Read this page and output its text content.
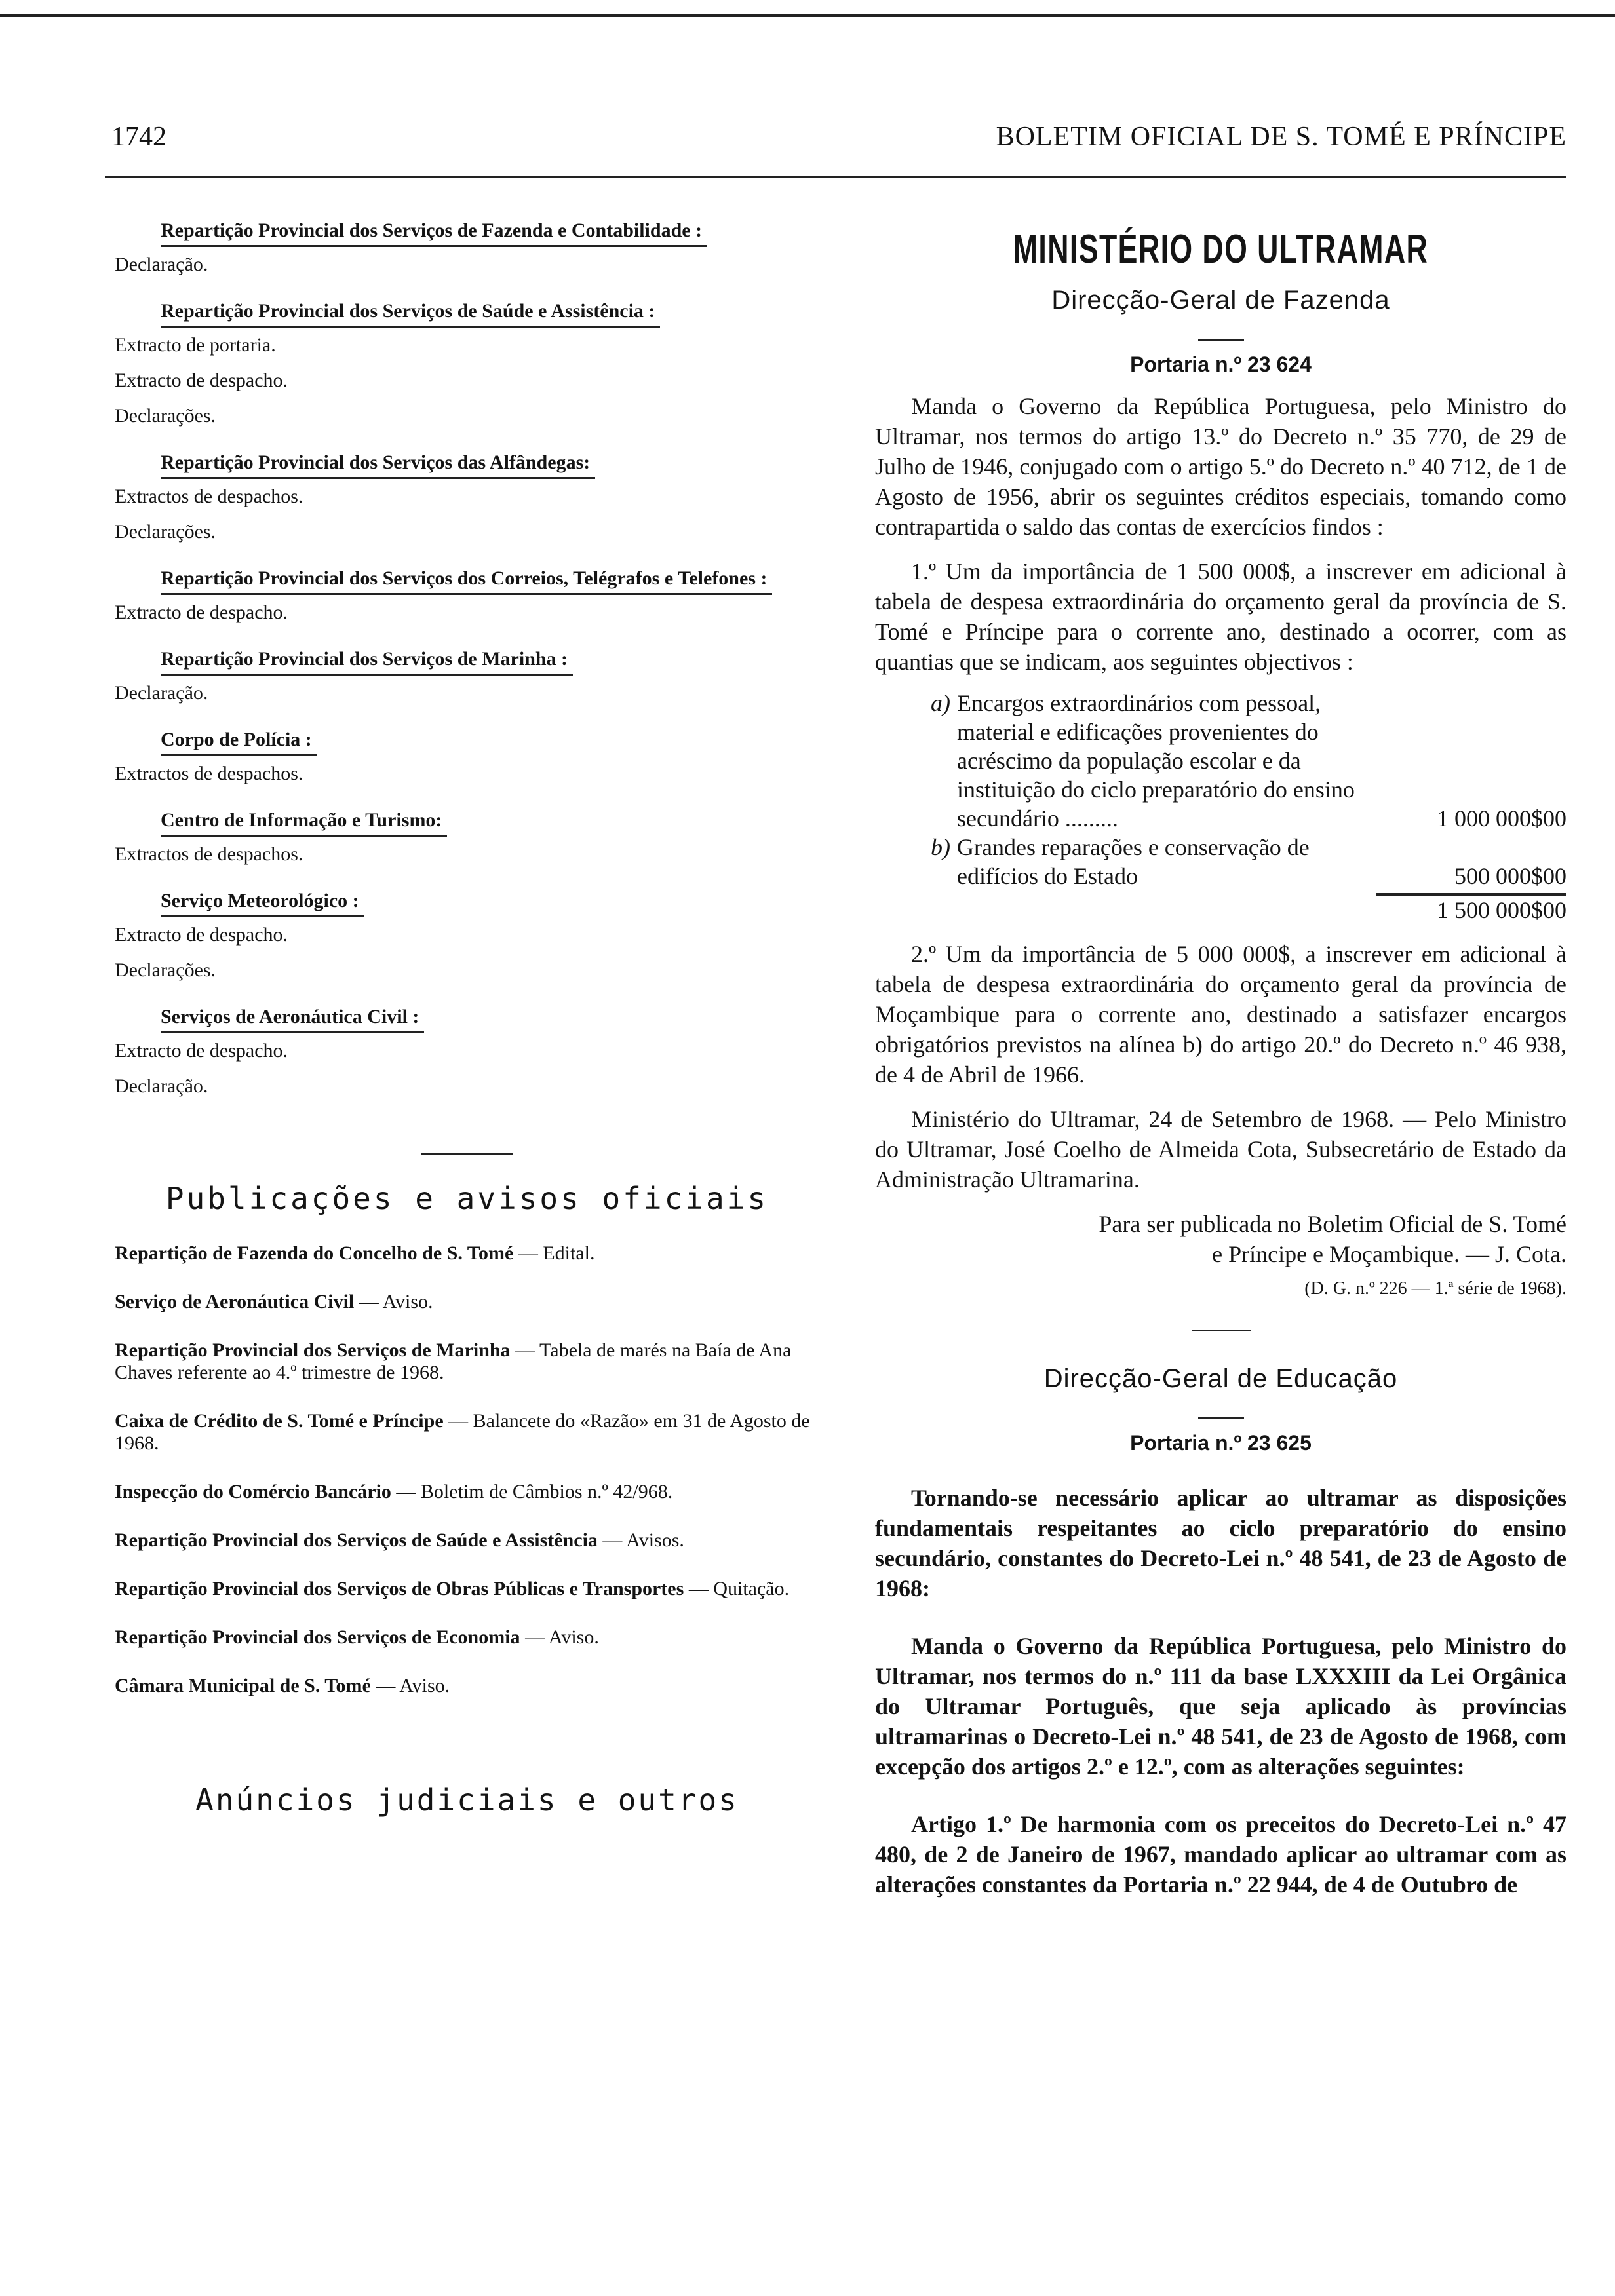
1742	BOLETIM OFICIAL DE S. TOMÉ E PRÍNCIPE
Repartição Provincial dos Serviços de Fazenda e Contabilidade :
Declaração.
Repartição Provincial dos Serviços de Saúde e Assistência :
Extracto de portaria.
Extracto de despacho.
Declarações.
Repartição Provincial dos Serviços das Alfândegas:
Extractos de despachos.
Declarações.
Repartição Provincial dos Serviços dos Correios, Telégrafos e Telefones :
Extracto de despacho.
Repartição Provincial dos Serviços de Marinha :
Declaração.
Corpo de Polícia :
Extractos de despachos.
Centro de Informação e Turismo:
Extractos de despachos.
Serviço Meteorológico :
Extracto de despacho.
Declarações.
Serviços de Aeronáutica Civil :
Extracto de despacho.
Declaração.
Publicações e avisos oficiais
Repartição de Fazenda do Concelho de S. Tomé — Edital.
Serviço de Aeronáutica Civil — Aviso.
Repartição Provincial dos Serviços de Marinha — Tabela de marés na Baía de Ana Chaves referente ao 4.º trimestre de 1968.
Caixa de Crédito de S. Tomé e Príncipe — Balancete do «Razão» em 31 de Agosto de 1968.
Inspecção do Comércio Bancário — Boletim de Câmbios n.º 42/968.
Repartição Provincial dos Serviços de Saúde e Assistência — Avisos.
Repartição Provincial dos Serviços de Obras Públicas e Transportes — Quitação.
Repartição Provincial dos Serviços de Economia — Aviso.
Câmara Municipal de S. Tomé — Aviso.
Anúncios judiciais e outros
MINISTÉRIO DO ULTRAMAR
Direcção-Geral de Fazenda
Portaria n.º 23 624

Manda o Governo da República Portuguesa, pelo Ministro do Ultramar, nos termos do artigo 13.º do Decreto n.º 35 770, de 29 de Julho de 1946, conjugado com o artigo 5.º do Decreto n.º 40 712, de 1 de Agosto de 1956, abrir os seguintes créditos especiais, tomando como contrapartida o saldo das contas de exercícios findos :

1.º Um da importância de 1 500 000$, a inscrever em adicional à tabela de despesa extraordinária do orçamento geral da província de S. Tomé e Príncipe para o corrente ano, destinado a ocorrer, com as quantias que se indicam, aos seguintes objectivos :

a) Encargos extraordinários com pessoal, material e edificações provenientes do acréscimo da população escolar e da instituição do ciclo preparatório do ensino secundário .........	1 000 000$00
b) Grandes reparações e conservação de edifícios do Estado	500 000$00
1 500 000$00

2.º Um da importância de 5 000 000$, a inscrever em adicional à tabela de despesa extraordinária do orçamento geral da província de Moçambique para o corrente ano, destinado a satisfazer encargos obrigatórios previstos na alínea b) do artigo 20.º do Decreto n.º 46 938, de 4 de Abril de 1966.

Ministério do Ultramar, 24 de Setembro de 1968. — Pelo Ministro do Ultramar, José Coelho de Almeida Cota, Subsecretário de Estado da Administração Ultramarina.

Para ser publicada no Boletim Oficial de S. Tomé
e Príncipe e Moçambique. — J. Cota.
(D. G. n.º 226 — 1.ª série de 1968).
Direcção-Geral de Educação
Portaria n.º 23 625

Tornando-se necessário aplicar ao ultramar as disposições fundamentais respeitantes ao ciclo preparatório do ensino secundário, constantes do Decreto-Lei n.º 48 541, de 23 de Agosto de 1968:

Manda o Governo da República Portuguesa, pelo Ministro do Ultramar, nos termos do n.º 111 da base LXXXIII da Lei Orgânica do Ultramar Português, que seja aplicado às províncias ultramarinas o Decreto-Lei n.º 48 541, de 23 de Agosto de 1968, com excepção dos artigos 2.º e 12.º, com as alterações seguintes:

Artigo 1.º De harmonia com os preceitos do Decreto-Lei n.º 47 480, de 2 de Janeiro de 1967, mandado aplicar ao ultramar com as alterações constantes da Portaria n.º 22 944, de 4 de Outubro de
